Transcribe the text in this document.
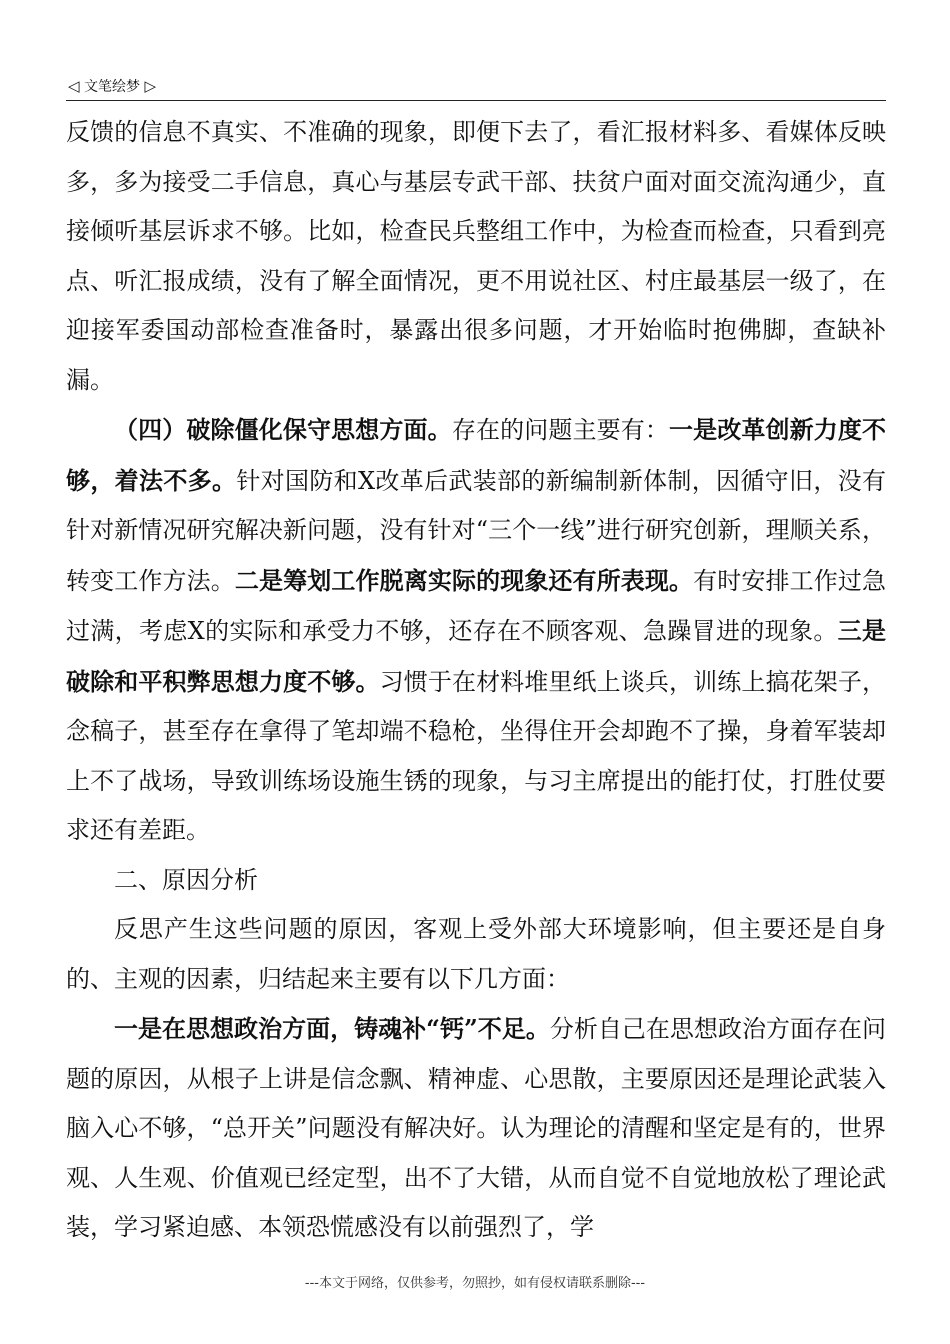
◁ 文笔绘梦 ▷

反馈的信息不真实、不准确的现象，即便下去了，看汇报材料多、看媒体反映多，多为接受二手信息，真心与基层专武干部、扶贫户面对面交流沟通少，直接倾听基层诉求不够。比如，检查民兵整组工作中，为检查而检查，只看到亮点、听汇报成绩，没有了解全面情况，更不用说社区、村庄最基层一级了，在迎接军委国动部检查准备时，暴露出很多问题，才开始临时抱佛脚，查缺补漏。

（四）破除僵化保守思想方面。存在的问题主要有：一是改革创新力度不够，着法不多。针对国防和X改革后武装部的新编制新体制，因循守旧，没有针对新情况研究解决新问题，没有针对“三个一线”进行研究创新，理顺关系，转变工作方法。二是筹划工作脱离实际的现象还有所表现。有时安排工作过急过满，考虑X的实际和承受力不够，还存在不顾客观、急躁冒进的现象。三是破除和平积弊思想力度不够。习惯于在材料堆里纸上谈兵，训练上搞花架子，念稿子，甚至存在拿得了笔却端不稳枪，坐得住开会却跑不了操，身着军装却上不了战场，导致训练场设施生锈的现象，与习主席提出的能打仗，打胜仗要求还有差距。

二、原因分析

反思产生这些问题的原因，客观上受外部大环境影响，但主要还是自身的、主观的因素，归结起来主要有以下几方面：

一是在思想政治方面，铸魂补“钙”不足。分析自己在思想政治方面存在问题的原因，从根子上讲是信念飘、精神虚、心思散，主要原因还是理论武装入脑入心不够，“总开关”问题没有解决好。认为理论的清醒和坚定是有的，世界观、人生观、价值观已经定型，出不了大错，从而自觉不自觉地放松了理论武装，学习紧迫感、本领恐慌感没有以前强烈了，学

---本文于网络，仅供参考，勿照抄，如有侵权请联系删除---
